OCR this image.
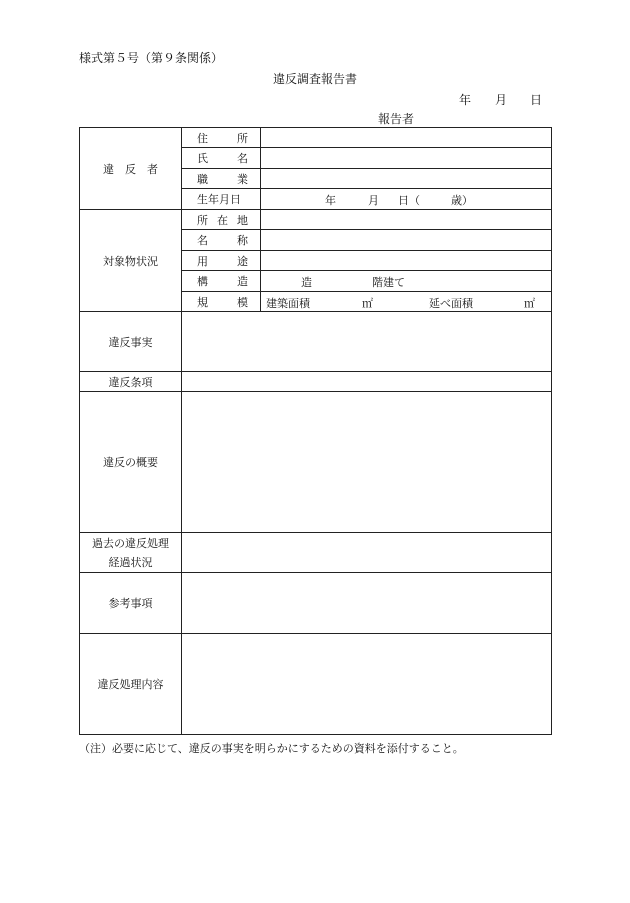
様式第５号（第９条関係）
違反調査報告書
年 月 日
報告者
違　反　者	住 所	

	氏 名	

	職 業	

	生年月日	年 月 日（ 歳）

対象物状況	所 在 地	

	名 称	

	用 途	

	構 造	造 階建て

	規 模	建築面積 ㎡ 延べ面積 ㎡

違反事実		
違反条項		
違反の概要		

過去の違反処理
経過状況		

参考事項		
違反処理内容		
（注）必要に応じて、違反の事実を明らかにするための資料を添付すること。
